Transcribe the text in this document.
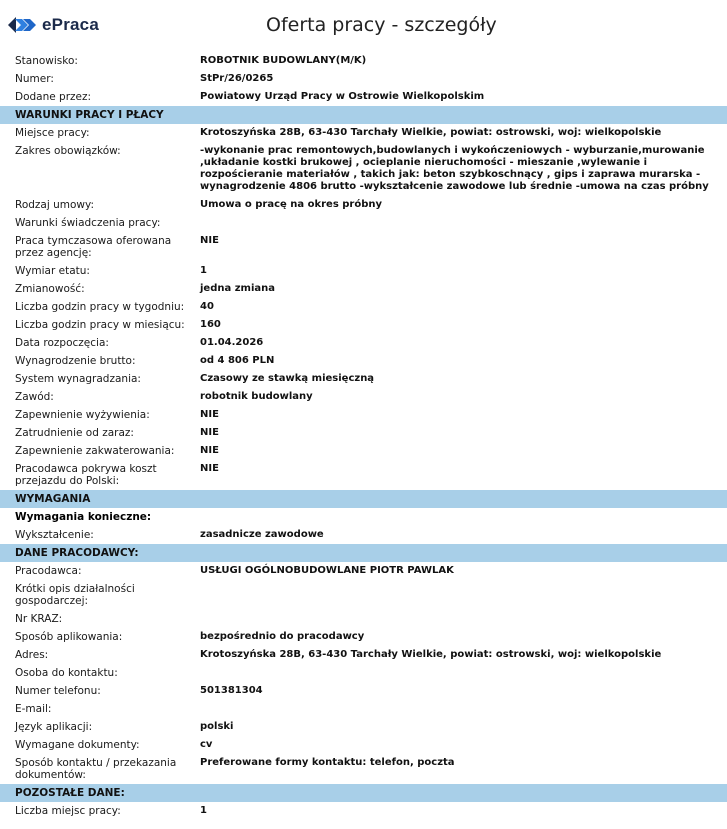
ePraca	Oferta pracy - szczegóły
Stanowisko:	ROBOTNIK BUDOWLANY(M/K)
Numer:	StPr/26/0265
Dodane przez:	Powiatowy Urząd Pracy w Ostrowie Wielkopolskim
WARUNKI PRACY I PŁACY
Miejsce pracy:	Krotoszyńska 28B, 63-430 Tarchały Wielkie, powiat: ostrowski, woj: wielkopolskie
Zakres obowiązków:	-wykonanie prac remontowych,budowlanych i wykończeniowych - wyburzanie,murowanie ,układanie kostki brukowej , ocieplanie nieruchomości - mieszanie ,wylewanie i rozpościeranie materiałów , takich jak: beton szybkosch​nący , gips i zaprawa murarska -wynagrodzenie 4806 brutto -wykształcenie zawodowe lub średnie -umowa na czas próbny
Rodzaj umowy:	Umowa o pracę na okres próbny
Warunki świadczenia pracy:
Praca tymczasowa oferowana przez agencję:
NIE
Wymiar etatu:	1
Zmianowość:	jedna zmiana
Liczba godzin pracy w tygodniu:	40
Liczba godzin pracy w miesiącu:	160
Data rozpoczęcia:	01.04.2026
Wynagrodzenie brutto:	od 4 806 PLN
System wynagradzania:	Czasowy ze stawką miesięczną
Zawód:	robotnik budowlany
Zapewnienie wyżywienia:	NIE
Zatrudnienie od zaraz:	NIE
Zapewnienie zakwaterowania:	NIE
Pracodawca pokrywa koszt przejazdu do Polski:
NIE
WYMAGANIA
Wymagania konieczne:
Wykształcenie:	zasadnicze zawodowe
DANE PRACODAWCY:
Pracodawca:	USŁUGI OGÓLNOBUDOWLANE PIOTR PAWLAK
Krótki opis działalności gospodarczej:
Nr KRAZ:
Sposób aplikowania:	bezpośrednio do pracodawcy
Adres:	Krotoszyńska 28B, 63-430 Tarchały Wielkie, powiat: ostrowski, woj: wielkopolskie
Osoba do kontaktu:
Numer telefonu:	501381304
E-mail:
Język aplikacji:	polski
Wymagane dokumenty:	cv
Sposób kontaktu / przekazania dokumentów:
Preferowane formy kontaktu: telefon, poczta
POZOSTAŁE DANE:
Liczba miejsc pracy:	1
